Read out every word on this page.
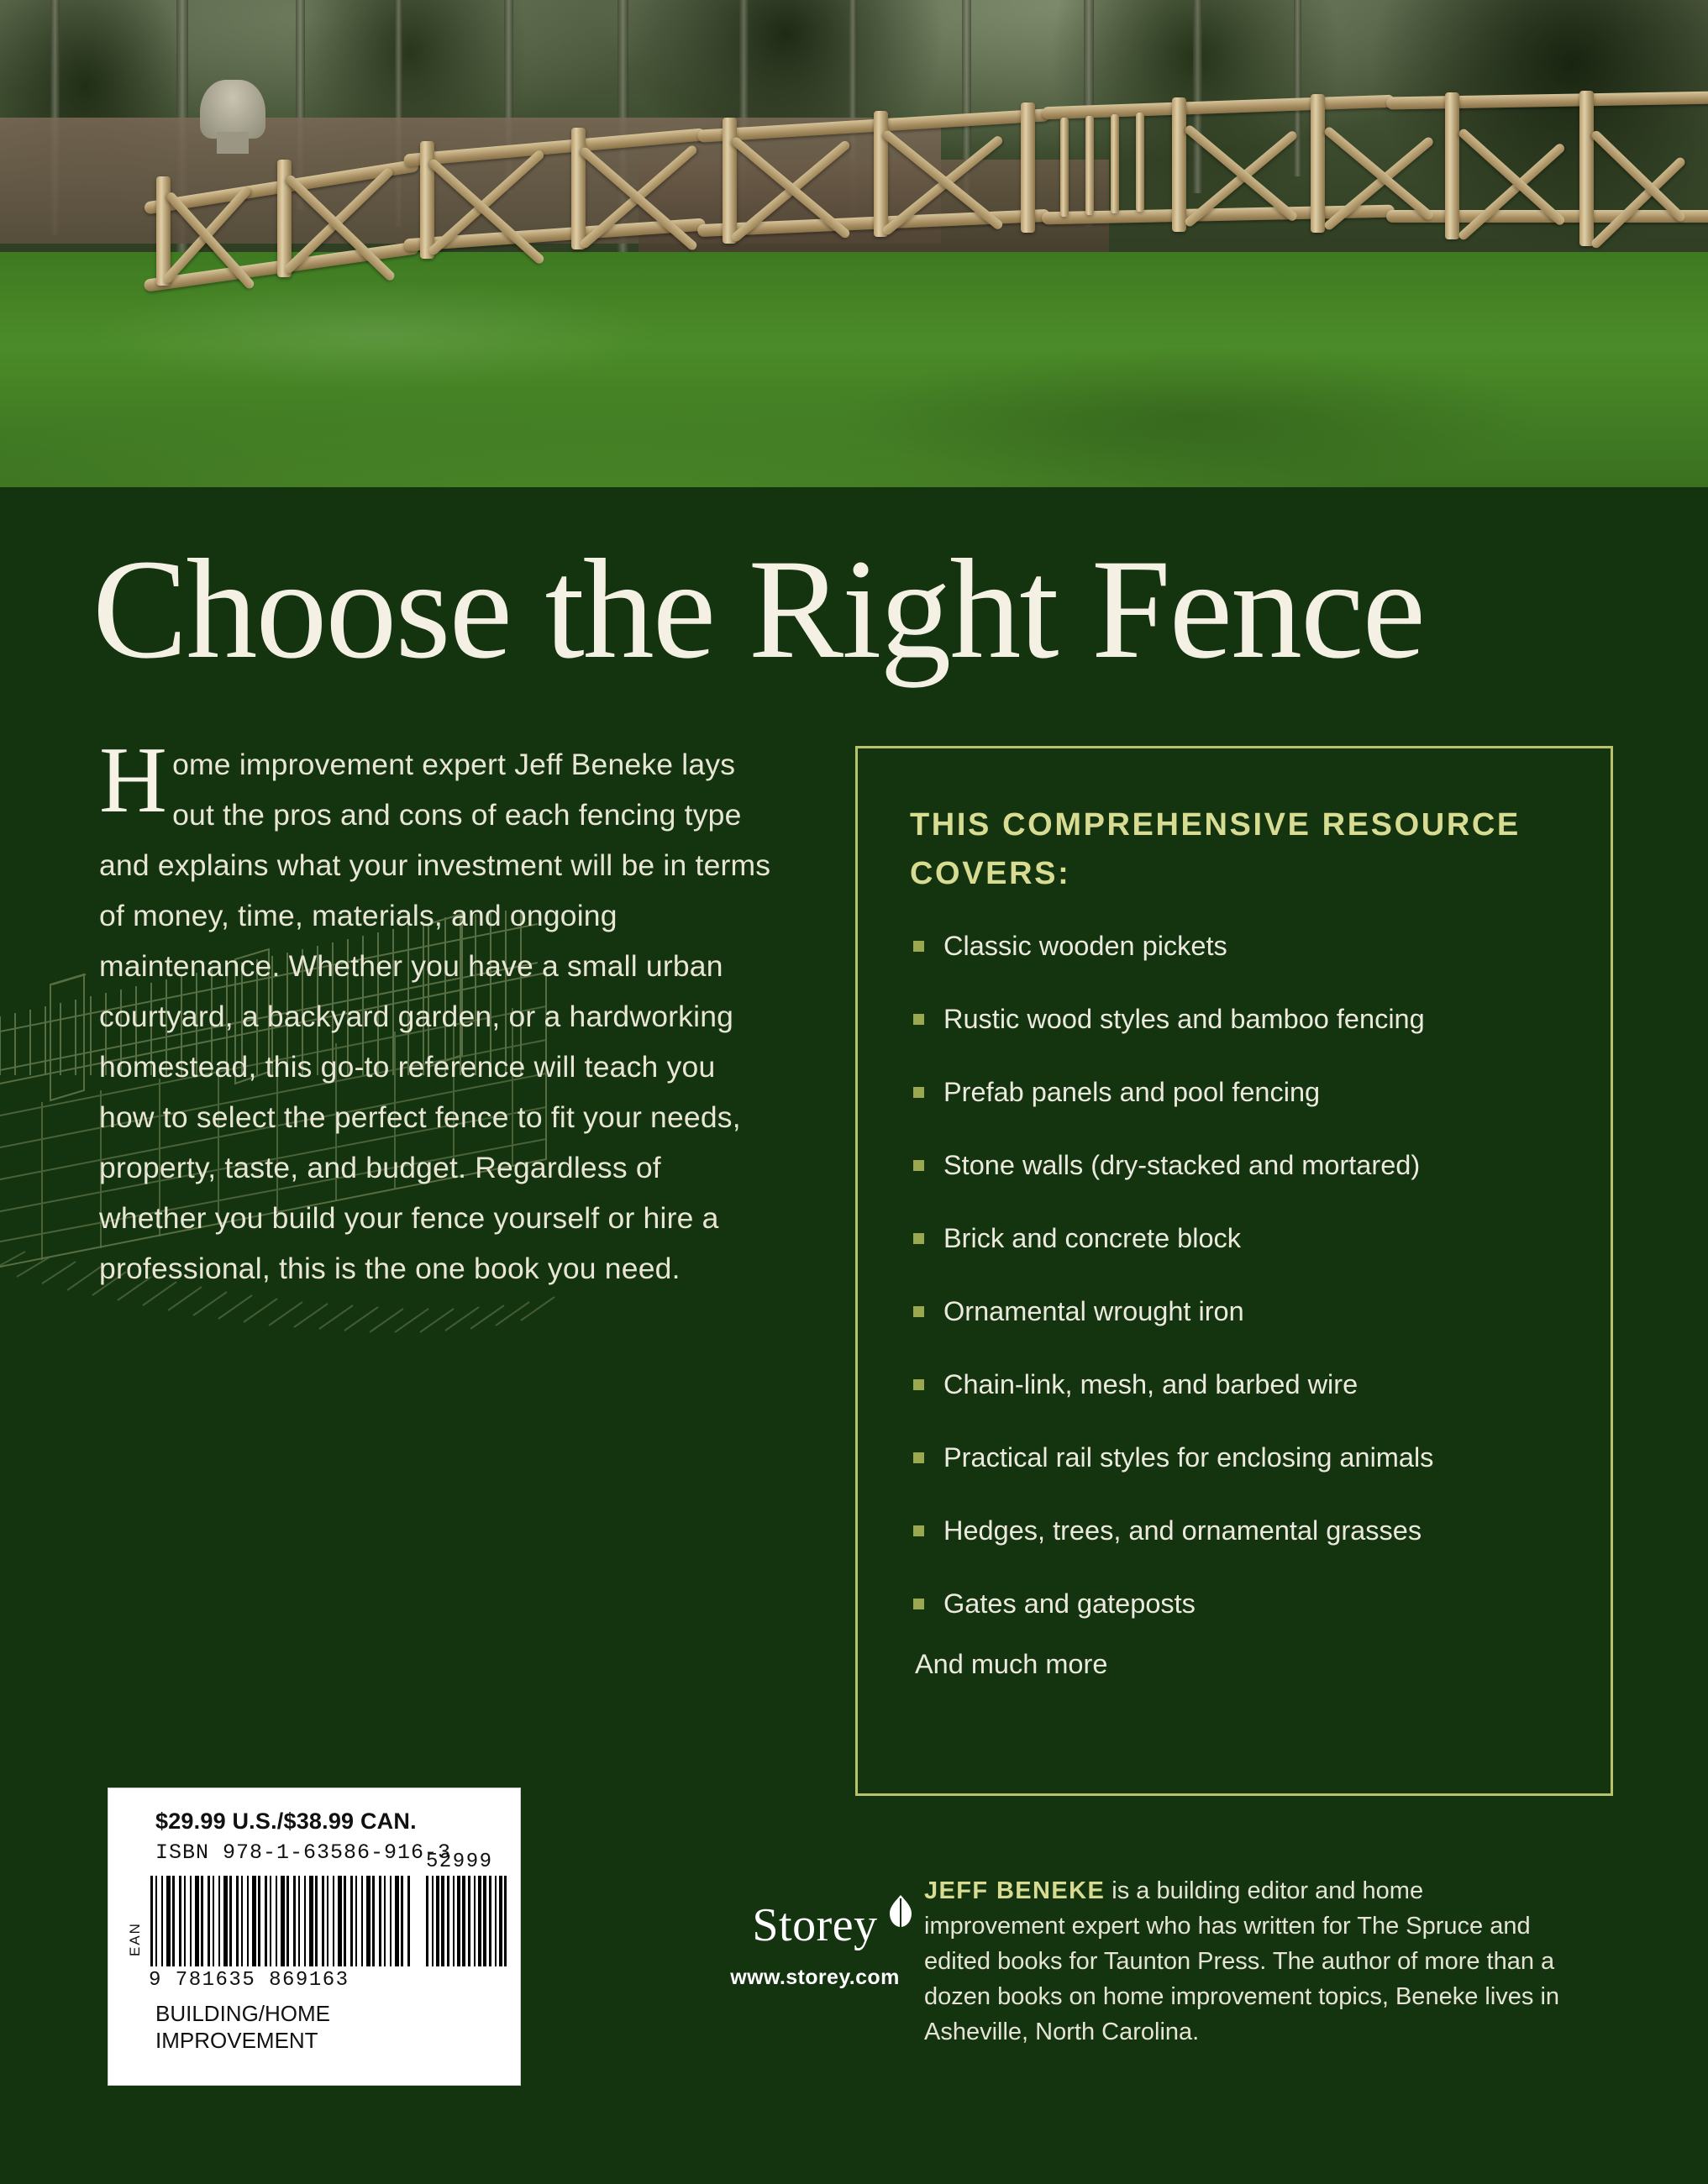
Choose the Right Fence
Home improvement expert Jeff Beneke lays out the pros and cons of each fencing type and explains what your investment will be in terms of money, time, materials, and ongoing maintenance. Whether you have a small urban courtyard, a backyard garden, or a hardworking homestead, this go-to reference will teach you how to select the perfect fence to fit your needs, property, taste, and budget. Regardless of whether you build your fence yourself or hire a professional, this is the one book you need.
THIS COMPREHENSIVE RESOURCE COVERS:
Classic wooden pickets
Rustic wood styles and bamboo fencing
Prefab panels and pool fencing
Stone walls (dry-stacked and mortared)
Brick and concrete block
Ornamental wrought iron
Chain-link, mesh, and barbed wire
Practical rail styles for enclosing animals
Hedges, trees, and ornamental grasses
Gates and gateposts
And much more
$29.99 U.S./$38.99 CAN.
ISBN 978-1-63586-916-3
EAN
9 781635 869163
52999
BUILDING/HOME
IMPROVEMENT
Storey
www.storey.com
JEFF BENEKE is a building editor and home improvement expert who has written for The Spruce and edited books for Taunton Press. The author of more than a dozen books on home improvement topics, Beneke lives in Asheville, North Carolina.
